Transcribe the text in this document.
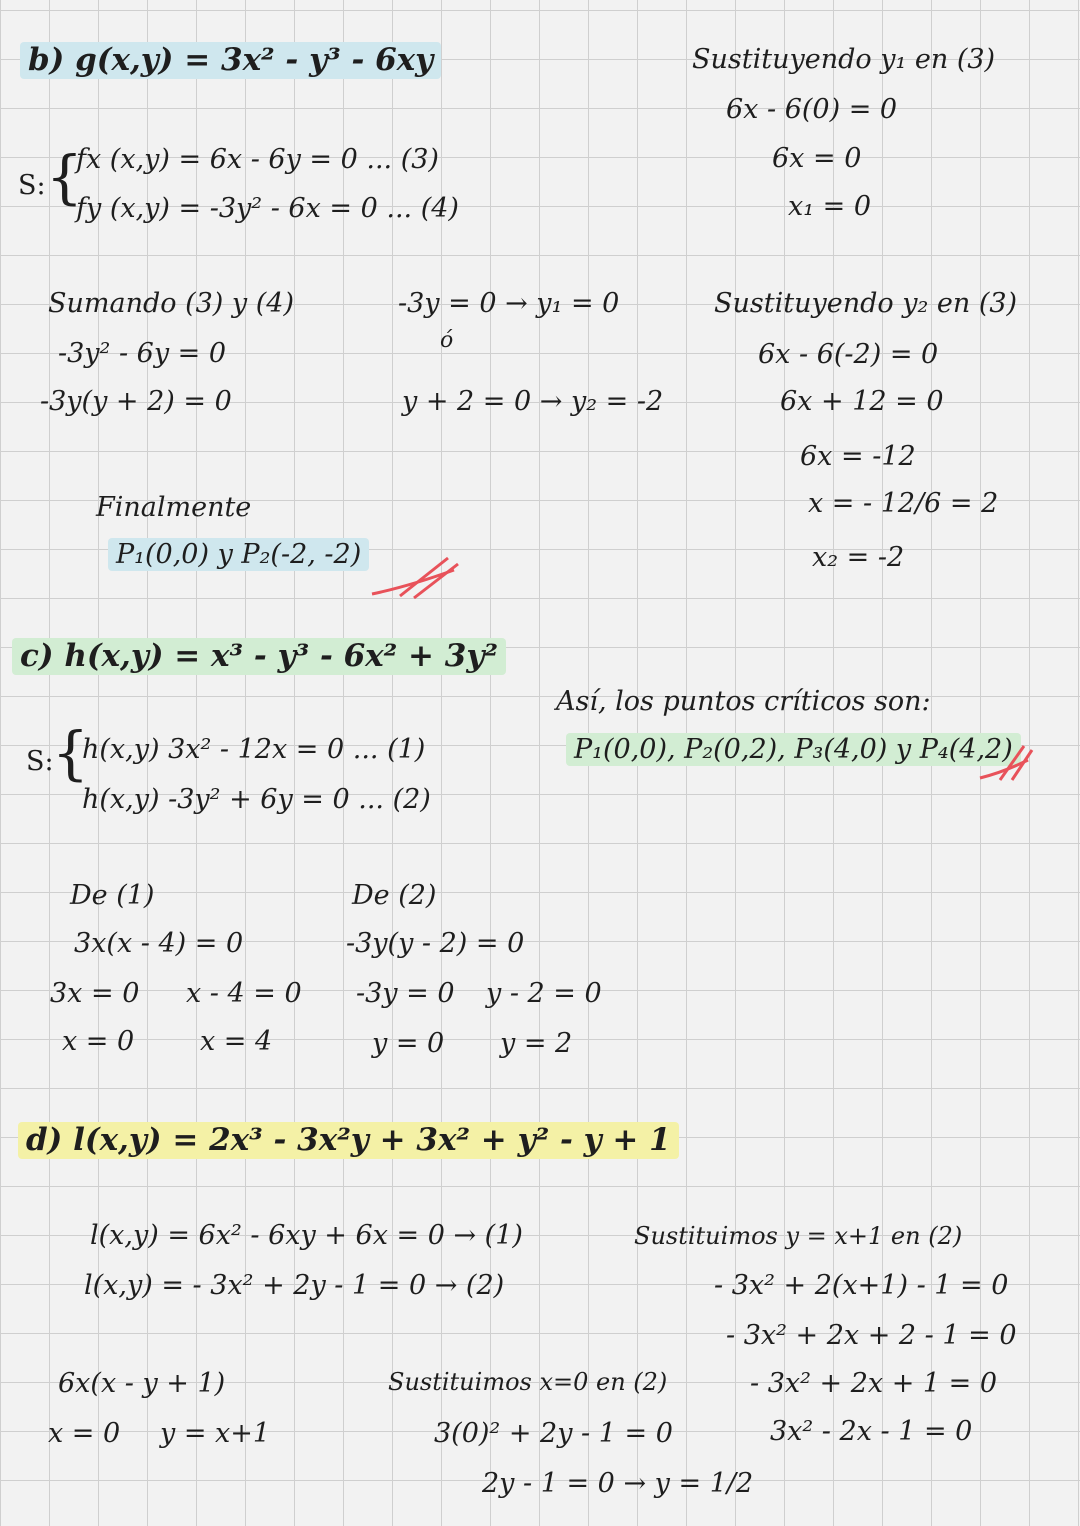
b) g(x,y) = 3x² - y³ - 6xy
S: {
fx (x,y) = 6x - 6y = 0 ... (3)
fy (x,y) = -3y² - 6x = 0 ... (4)
Sumando (3) y (4)
-3y² - 6y = 0
-3y(y + 2) = 0
-3y = 0 → y₁ = 0
ó
y + 2 = 0 → y₂ = -2
Sustituyendo y₁ en (3)
6x - 6(0) = 0
6x = 0
x₁ = 0
Sustituyendo y₂ en (3)
6x - 6(-2) = 0
6x + 12 = 0
6x = -12
x = - 12/6 = 2
x₂ = -2
Finalmente
P₁(0,0) y P₂(-2, -2)
c) h(x,y) = x³ - y³ - 6x² + 3y²
S:
{
h(x,y) 3x² - 12x = 0 ... (1)
h(x,y) -3y² + 6y = 0 ... (2)
Así, los puntos críticos son:
P₁(0,0), P₂(0,2), P₃(4,0) y P₄(4,2)
De (1)
3x(x - 4) = 0
3x = 0
x = 0
x - 4 = 0
x = 4
De (2)
-3y(y - 2) = 0
-3y = 0
y = 0
y - 2 = 0
y = 2
d) l(x,y) = 2x³ - 3x²y + 3x² + y² - y + 1
l(x,y) = 6x² - 6xy + 6x = 0 → (1)
l(x,y) = - 3x² + 2y - 1 = 0 → (2)
6x(x - y + 1)
x = 0 y = x+1
Sustituimos x=0 en (2)
3(0)² + 2y - 1 = 0
2y - 1 = 0 → y = 1/2
Sustituimos y = x+1 en (2)
- 3x² + 2(x+1) - 1 = 0
- 3x² + 2x + 2 - 1 = 0
- 3x² + 2x + 1 = 0
3x² - 2x - 1 = 0
